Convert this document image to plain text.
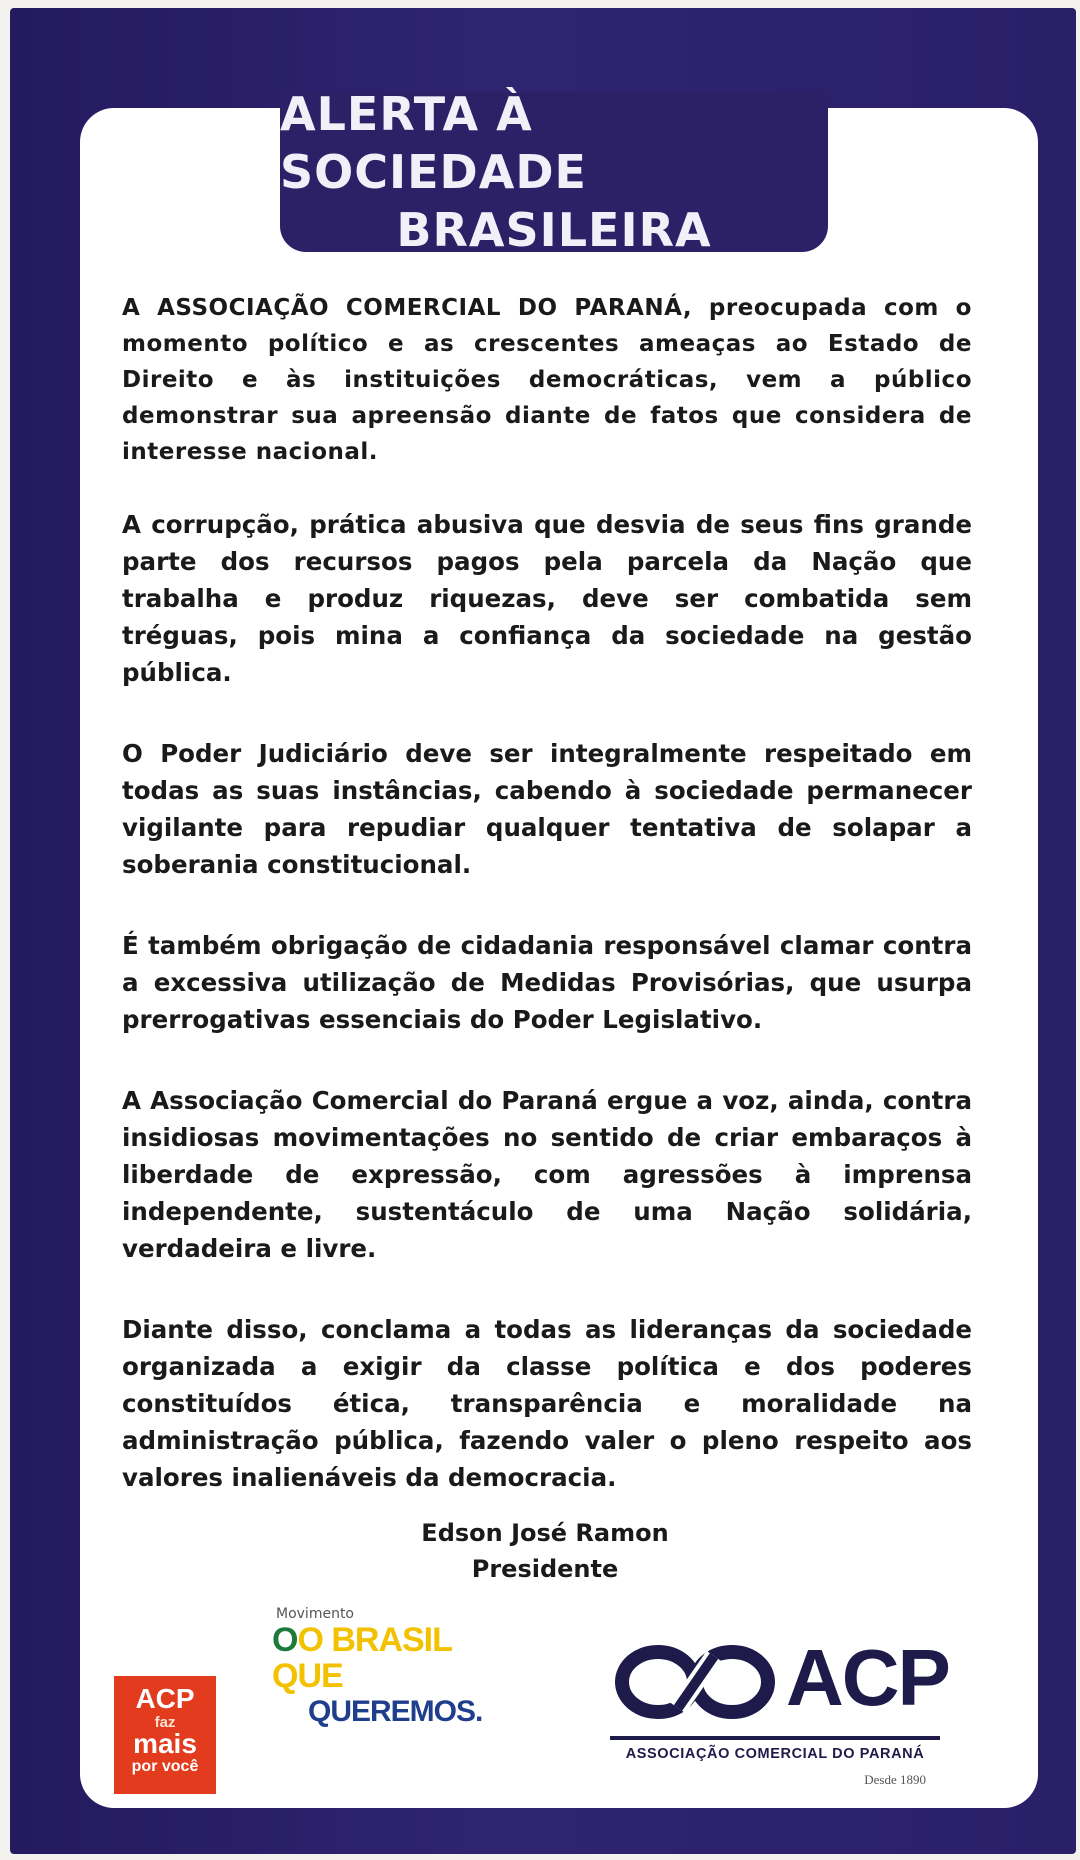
ALERTA À SOCIEDADE
BRASILEIRA

A ASSOCIAÇÃO COMERCIAL DO PARANÁ, preocupada com o momento político e as crescentes ameaças ao Estado de Direito e às instituições democráticas, vem a público demonstrar sua apreensão diante de fatos que considera de interesse nacional.

A corrupção, prática abusiva que desvia de seus fins grande parte dos recursos pagos pela parcela da Nação que trabalha e produz riquezas, deve ser combatida sem tréguas, pois mina a confiança da sociedade na gestão pública.

O Poder Judiciário deve ser integralmente respeitado em todas as suas instâncias, cabendo à sociedade permanecer vigilante para repudiar qualquer tentativa de solapar a soberania constitucional.

É também obrigação de cidadania responsável clamar contra a excessiva utilização de Medidas Provisórias, que usurpa prerrogativas essenciais do Poder Legislativo.

A Associação Comercial do Paraná ergue a voz, ainda, contra insidiosas movimentações no sentido de criar embaraços à liberdade de expressão, com agressões à imprensa independente, sustentáculo de uma Nação solidária, verdadeira e livre.

Diante disso, conclama a todas as lideranças da sociedade organizada a exigir da classe política e dos poderes constituídos ética, transparência e moralidade na administração pública, fazendo valer o pleno respeito aos valores inalienáveis da democracia.

Edson José Ramon
Presidente
ACP
faz
mais
por você
Movimento
OO BRASIL QUE
QUEREMOS.	ACP
ASSOCIAÇÃO COMERCIAL DO PARANÁ
Desde 1890
